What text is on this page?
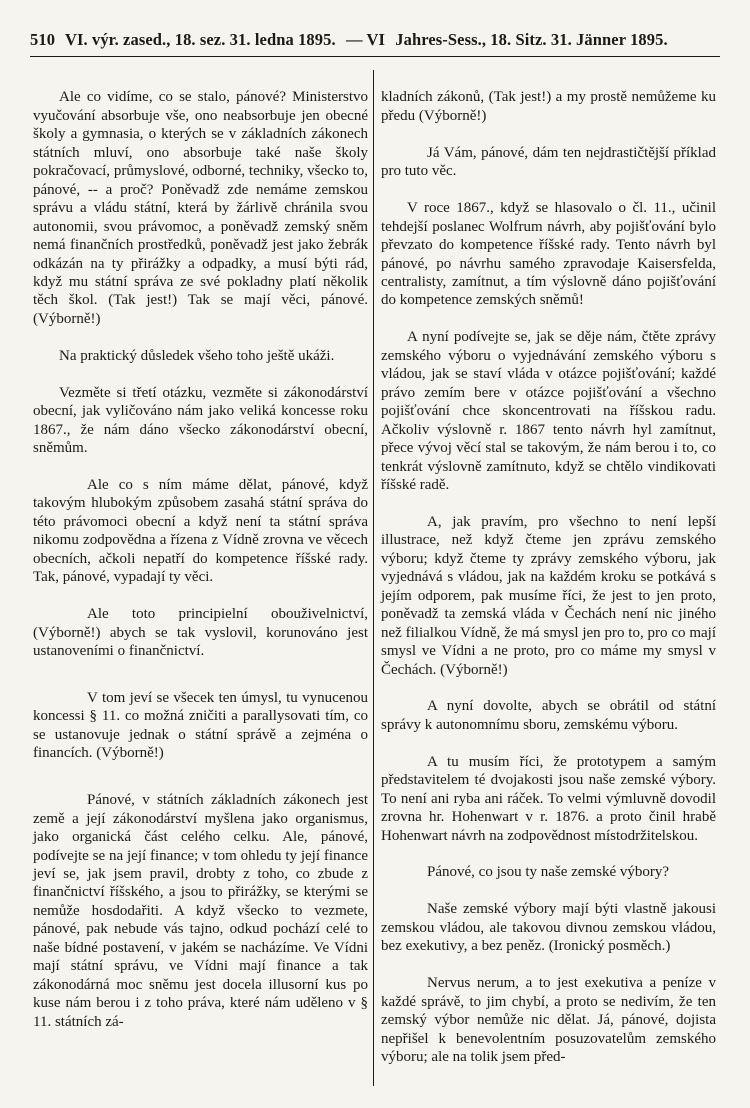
510 VI. výr. zased., 18. sez. 31. ledna 1895. — VI Jahres-Sess., 18. Sitz. 31. Jänner 1895.

Ale co vidíme, co se stalo, pánové? Ministerstvo vyučování absorbuje vše, ono neabsorbuje jen obecné školy a gymnasia, o kterých se v základních zákonech státních mluví, ono absorbuje také naše školy pokračovací, průmyslové, odborné, techniky, všecko to, pánové, -- a proč? Poněvadž zde nemáme zemskou správu a vládu státní, která by žárlivě chránila svou autonomii, svou právomoc, a poněvadž zemský sněm nemá finančních prostředků, poněvadž jest jako žebrák odkázán na ty přirážky a odpadky, a musí býti rád, když mu státní správa ze své pokladny platí několik těch škol. (Tak jest!) Tak se mají věci, pánové. (Výborně!)

Na praktický důsledek všeho toho ještě ukáži.

Vezměte si třetí otázku, vezměte si zákonodárství obecní, jak vyličováno nám jako veliká koncesse roku 1867., že nám dáno všecko zákonodárství obecní, sněmům.

Ale co s ním máme dělat, pánové, když takovým hlubokým způsobem zasahá státní správa do této právomoci obecní a když není ta státní správa nikomu zodpovědna a řízena z Vídně zrovna ve věcech obecních, ačkoli nepatří do kompetence říšské rady. Tak, pánové, vypadají ty věci.

Ale toto principielní obouživelnictví, (Výborně!) abych se tak vyslovil, korunováno jest ustanoveními o finančnictví.

V tom jeví se všecek ten úmysl, tu vynucenou koncessi § 11. co možná zničiti a parallysovati tím, co se ustanovuje jednak o státní správě a zejména o financích. (Výborně!)

Pánové, v státních základních zákonech jest země a její zákonodárství myšlena jako organismus, jako organická část celého celku. Ale, pánové, podívejte se na její finance; v tom ohledu ty její finance jeví se, jak jsem pravil, drobty z toho, co zbude z finančnictví říšského, a jsou to přirážky, se kterými se nemůže hosdodařiti. A když všecko to vezmete, pánové, pak nebude vás tajno, odkud pochází celé to naše bídné postavení, v jakém se nacházíme. Ve Vídni mají státní správu, ve Vídni mají finance a tak zákonodárná moc sněmu jest docela illusorní kus po kuse nám berou i z toho práva, které nám uděleno v § 11. státních zá-

kladních zákonů, (Tak jest!) a my prostě nemůžeme ku předu (Výborně!)

Já Vám, pánové, dám ten nejdrastičtější příklad pro tuto věc.

V roce 1867., když se hlasovalo o čl. 11., učinil tehdejší poslanec Wolfrum návrh, aby pojišťování bylo převzato do kompetence říšské rady. Tento návrh byl pánové, po návrhu samého zpravodaje Kaisersfelda, centralisty, zamítnut, a tím výslovně dáno pojišťování do kompetence zemských sněmů!

A nyní podívejte se, jak se děje nám, čtěte zprávy zemského výboru o vyjednávání zemského výboru s vládou, jak se staví vláda v otázce pojišťování; každé právo zemím bere v otázce pojišťování a všechno pojišťování chce skoncentrovati na říšskou radu. Ačkoliv výslovně r. 1867 tento návrh hyl zamítnut, přece vývoj věcí stal se takovým, že nám berou i to, co tenkrát výslovně zamítnuto, když se chtělo vindikovati říšské radě.

A, jak pravím, pro všechno to není lepší illustrace, než když čteme jen zprávu zemského výboru; když čteme ty zprávy zemského výboru, jak vyjednává s vládou, jak na každém kroku se potkává s jejím odporem, pak musíme říci, že jest to jen proto, poněvadž ta zemská vláda v Čechách není nic jiného než filialkou Vídně, že má smysl jen pro to, pro co mají smysl ve Vídni a ne proto, pro co máme my smysl v Čechách. (Výborně!)

A nyní dovolte, abych se obrátil od státní správy k autonomnímu sboru, zemskému výboru.

A tu musím říci, že prototypem a samým představitelem té dvojakosti jsou naše zemské výbory. To není ani ryba ani ráček. To velmi výmluvně dovodil zrovna hr. Hohenwart v r. 1876. a proto činil hrabě Hohenwart návrh na zodpovědnost místodržitelskou.

Pánové, co jsou ty naše zemské výbory?

Naše zemské výbory mají býti vlastně jakousi zemskou vládou, ale takovou divnou zemskou vládou, bez exekutivy, a bez peněz. (Ironický posměch.)

Nervus nerum, a to jest exekutiva a peníze v každé správě, to jim chybí, a proto se nedivím, že ten zemský výbor nemůže nic dělat. Já, pánové, dojista nepřišel k benevolentním posuzovatelům zemského výboru; ale na tolik jsem před-
